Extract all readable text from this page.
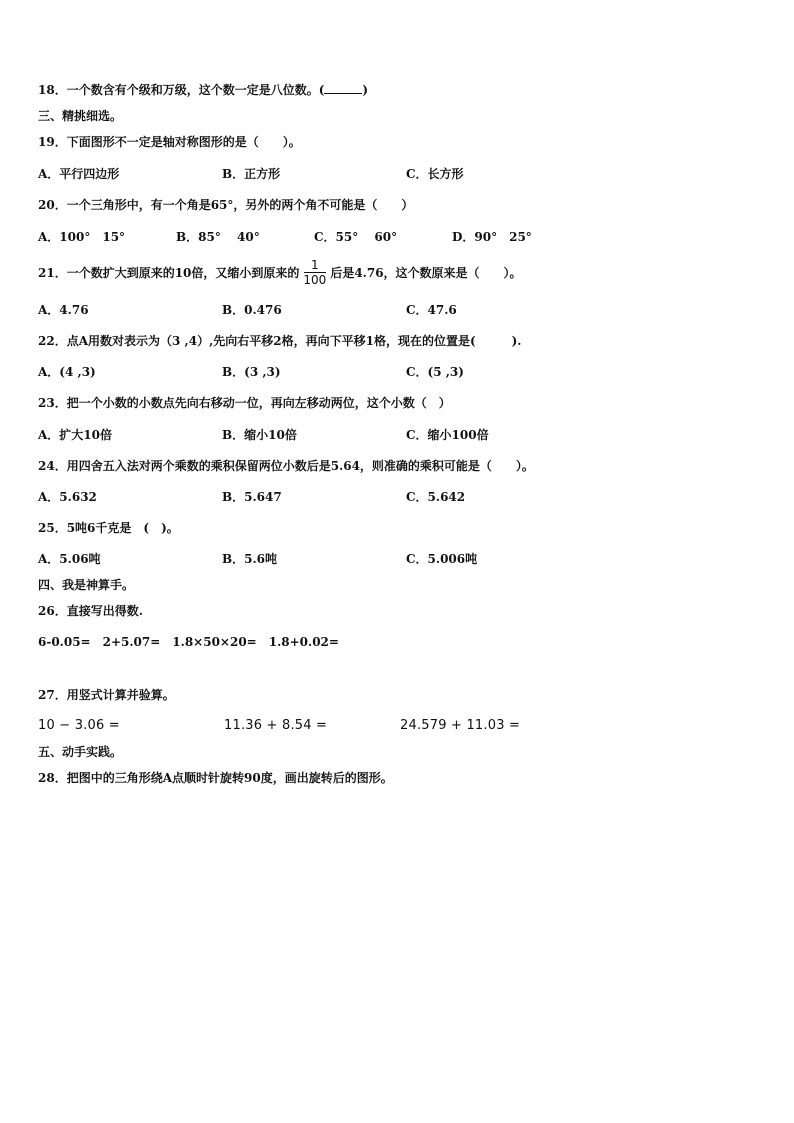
18．一个数含有个级和万级，这个数一定是八位数。(	)
三、精挑细选。
19．下面图形不一定是轴对称图形的是（　　）。
A．平行四边形	B．正方形	C．长方形
20．一个三角形中，有一个角是65°，另外的两个角不可能是（　　）
A．100°　15°	B．85°　 40°	C．55°　 60°	D．90°　25°
21．一个数扩大到原来的10倍，又缩小到原来的 $\frac{1}{100}$ 后是4.76，这个数原来是（　　）。
A．4.76	B．0.476	C．47.6
22．点A用数对表示为（3 ,4）,先向右平移2格，再向下平移1格，现在的位置是(　　　).
A．(4 ,3)	B．(3 ,3)	C．(5 ,3)
23．把一个小数的小数点先向右移动一位，再向左移动两位，这个小数（　）
A．扩大10倍	B．缩小10倍	C．缩小100倍
24．用四舍五入法对两个乘数的乘积保留两位小数后是5.64，则准确的乘积可能是（　　）。
A．5.632	B．5.647	C．5.642
25．5吨6千克是　(　)。
A．5.06吨	B．5.6吨	C．5.006吨
四、我是神算手。
26．直接写出得数.
6-0.05=　2+5.07=　1.8×50×20=　1.8+0.02=
27．用竖式计算并验算。
10 − 3.06 =	11.36 + 8.54 =	24.579 + 11.03 =
五、动手实践。
28．把图中的三角形绕A点顺时针旋转90度，画出旋转后的图形。
